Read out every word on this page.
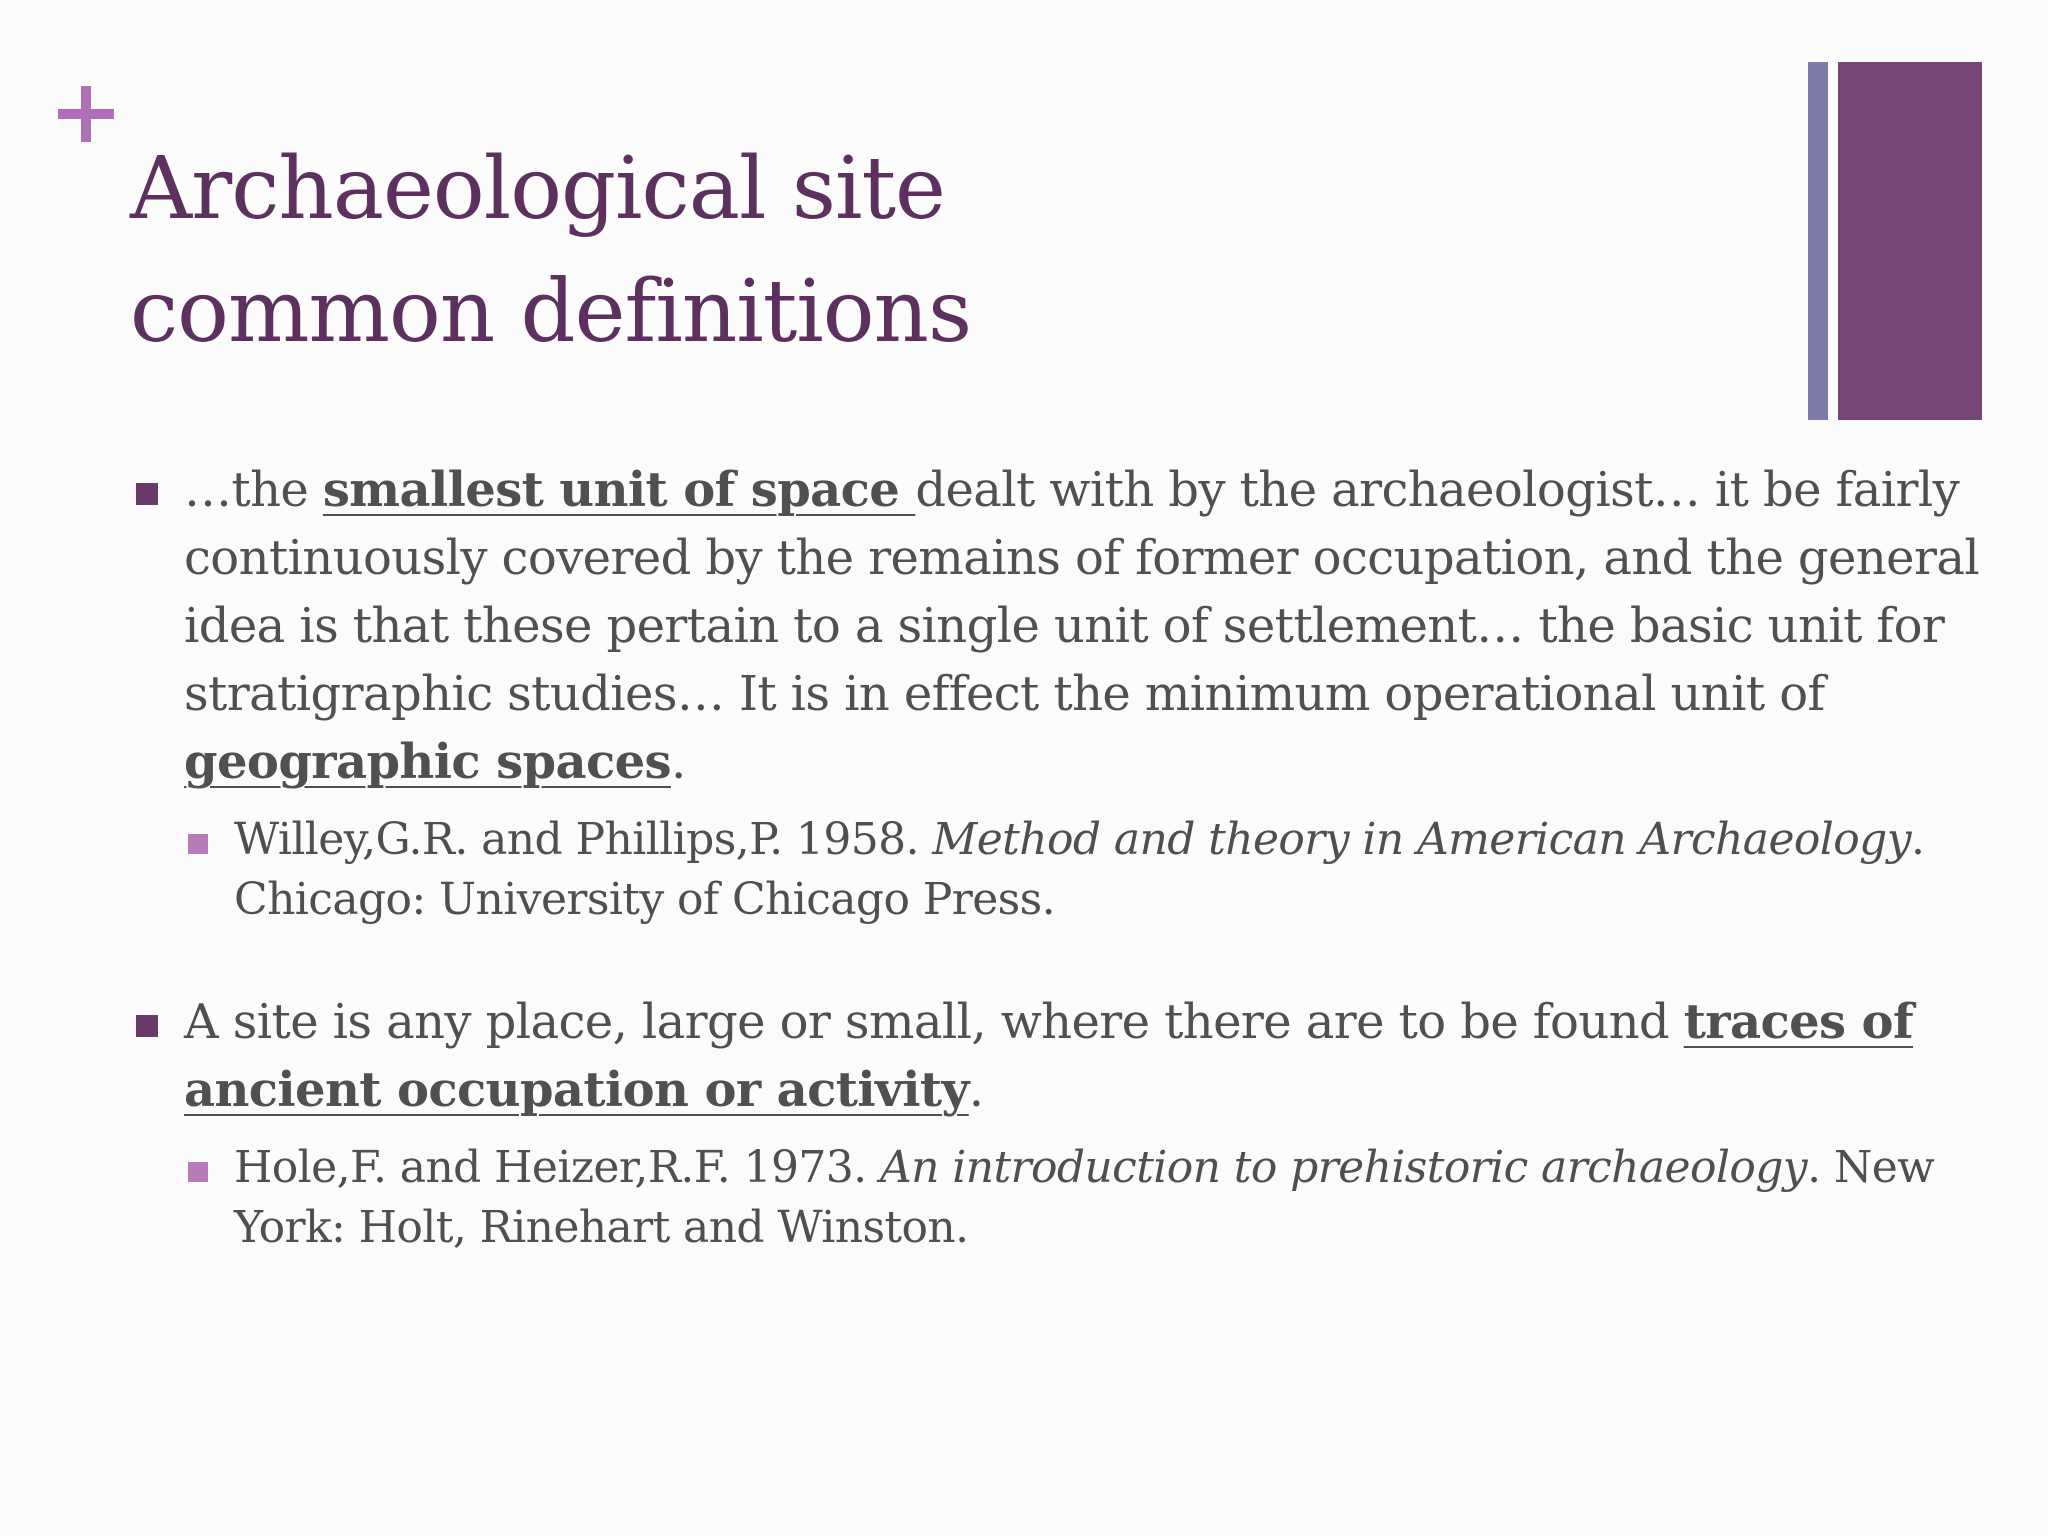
Archaeological site
common definitions
…the smallest unit of space dealt with by the archaeologist… it be fairly continuously covered by the remains of former occupation, and the general idea is that these pertain to a single unit of settlement… the basic unit for stratigraphic studies… It is in effect the minimum operational unit of geographic spaces.
Willey,G.R. and Phillips,P. 1958. Method and theory in American Archaeology. Chicago: University of Chicago Press.
A site is any place, large or small, where there are to be found traces of ancient occupation or activity.
Hole,F. and Heizer,R.F. 1973. An introduction to prehistoric archaeology. New York: Holt, Rinehart and Winston.
